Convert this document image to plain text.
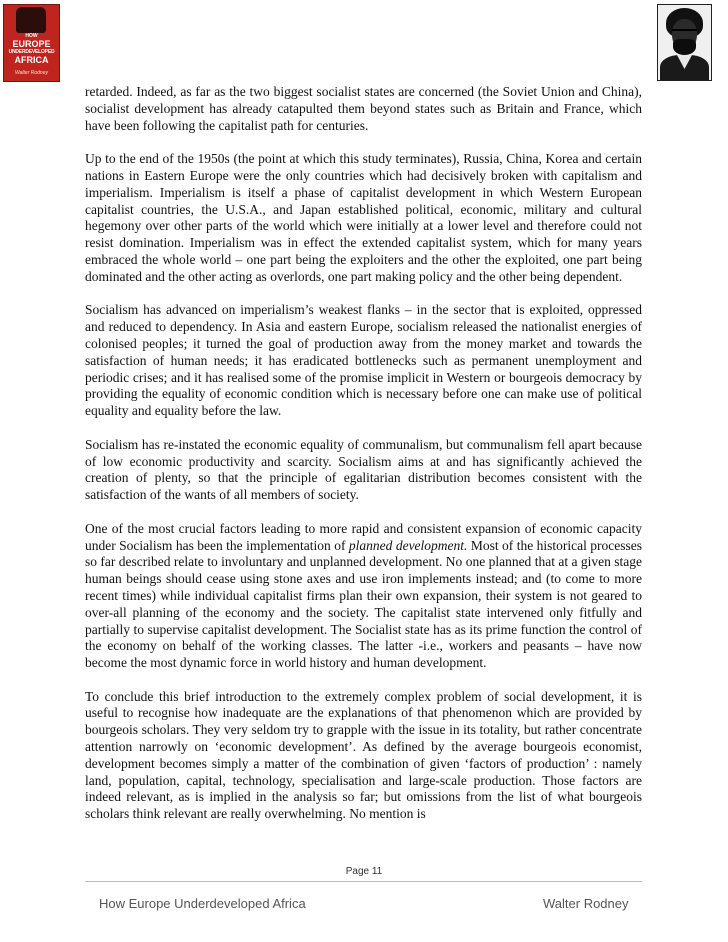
HOW
EUROPE
UNDERDEVELOPED
AFRICA
Walter Rodney

retarded. Indeed, as far as the two biggest socialist states are concerned (the Soviet Union and China), socialist development has already catapulted them beyond states such as Britain and France, which have been following the capitalist path for centuries.

Up to the end of the 1950s (the point at which this study terminates), Russia, China, Korea and certain nations in Eastern Europe were the only countries which had decisively broken with capitalism and imperialism. Imperialism is itself a phase of capitalist development in which Western European capitalist countries, the U.S.A., and Japan established political, economic, military and cultural hegemony over other parts of the world which were initially at a lower level and therefore could not resist domination. Imperialism was in effect the extended capitalist system, which for many years embraced the whole world – one part being the exploiters and the other the exploited, one part being dominated and the other acting as overlords, one part making policy and the other being dependent.

Socialism has advanced on imperialism’s weakest flanks – in the sector that is exploited, oppressed and reduced to dependency. In Asia and eastern Europe, socialism released the nationalist energies of colonised peoples; it turned the goal of production away from the money market and towards the satisfaction of human needs; it has eradicated bottlenecks such as permanent unemployment and periodic crises; and it has realised some of the promise implicit in Western or bourgeois democracy by providing the equality of economic condition which is necessary before one can make use of political equality and equality before the law.

Socialism has re-instated the economic equality of communalism, but communalism fell apart because of low economic productivity and scarcity. Socialism aims at and has significantly achieved the creation of plenty, so that the principle of egalitarian distribution becomes consistent with the satisfaction of the wants of all members of society.

One of the most crucial factors leading to more rapid and consistent expansion of economic capacity under Socialism has been the implementation of planned development. Most of the historical processes so far described relate to involuntary and unplanned development. No one planned that at a given stage human beings should cease using stone axes and use iron implements instead; and (to come to more recent times) while individual capitalist firms plan their own expansion, their system is not geared to over-all planning of the economy and the society. The capitalist state intervened only fitfully and partially to supervise capitalist development. The Socialist state has as its prime function the control of the economy on behalf of the working classes. The latter -i.e., workers and peasants – have now become the most dynamic force in world history and human development.

To conclude this brief introduction to the extremely complex problem of social development, it is useful to recognise how inadequate are the explanations of that phenomenon which are provided by bourgeois scholars. They very seldom try to grapple with the issue in its totality, but rather concentrate attention narrowly on ‘economic development’. As defined by the average bourgeois economist, development becomes simply a matter of the combination of given ‘factors of production’ : namely land, population, capital, technology, specialisation and large-scale production. Those factors are indeed relevant, as is implied in the analysis so far; but omissions from the list of what bourgeois scholars think relevant are really overwhelming. No mention is

Page 11
How Europe Underdeveloped Africa	Walter Rodney
